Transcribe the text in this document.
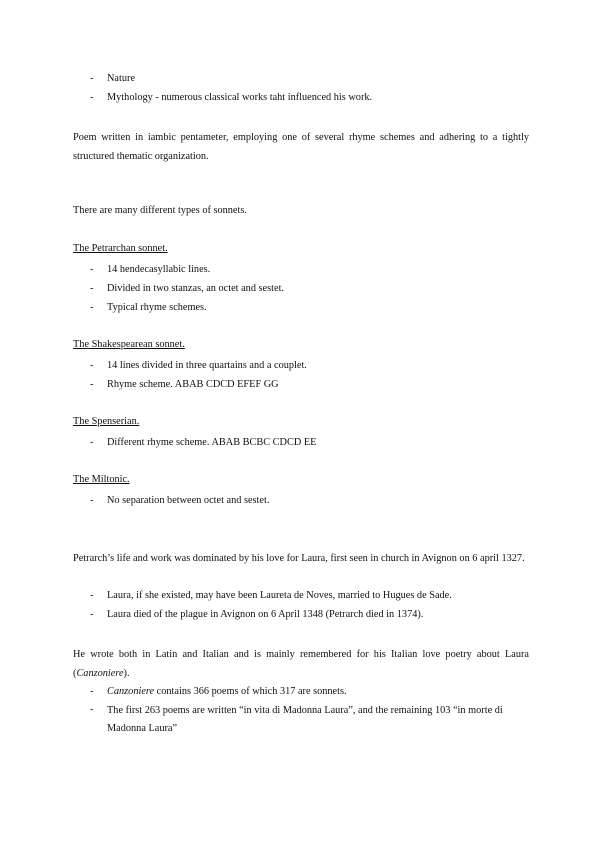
-	Nature
-	Mythology - numerous classical works taht influenced his work.
Poem written in iambic pentameter, employing one of several rhyme schemes and adhering to a tightly structured thematic organization.
There are many different types of sonnets.
The Petrarchan sonnet.
-	14 hendecasyllabic lines.
-	Divided in two stanzas, an octet and sestet.
-	Typical rhyme schemes.
The Shakespearean sonnet.
-	14 lines divided in three quartains and a couplet.
-	Rhyme scheme. ABAB CDCD EFEF GG
The Spenserian.
-	Different rhyme scheme. ABAB BCBC CDCD EE
The Miltonic.
-	No separation between octet and sestet.
Petrarch’s life and work was dominated by his love for Laura, first seen in church in Avignon on 6 april 1327.
-	Laura, if she existed, may have been Laureta de Noves, married to Hugues de Sade.
-	Laura died of the plague in Avignon on 6 April 1348 (Petrarch died in 1374).
He wrote both in Latin and Italian and is mainly remembered for his Italian love poetry about Laura (Canzoniere).
-	Canzoniere contains 366 poems of which 317 are sonnets.
-	The first 263 poems are written “in vita di Madonna Laura”, and the remaining 103 “in morte di Madonna Laura”
